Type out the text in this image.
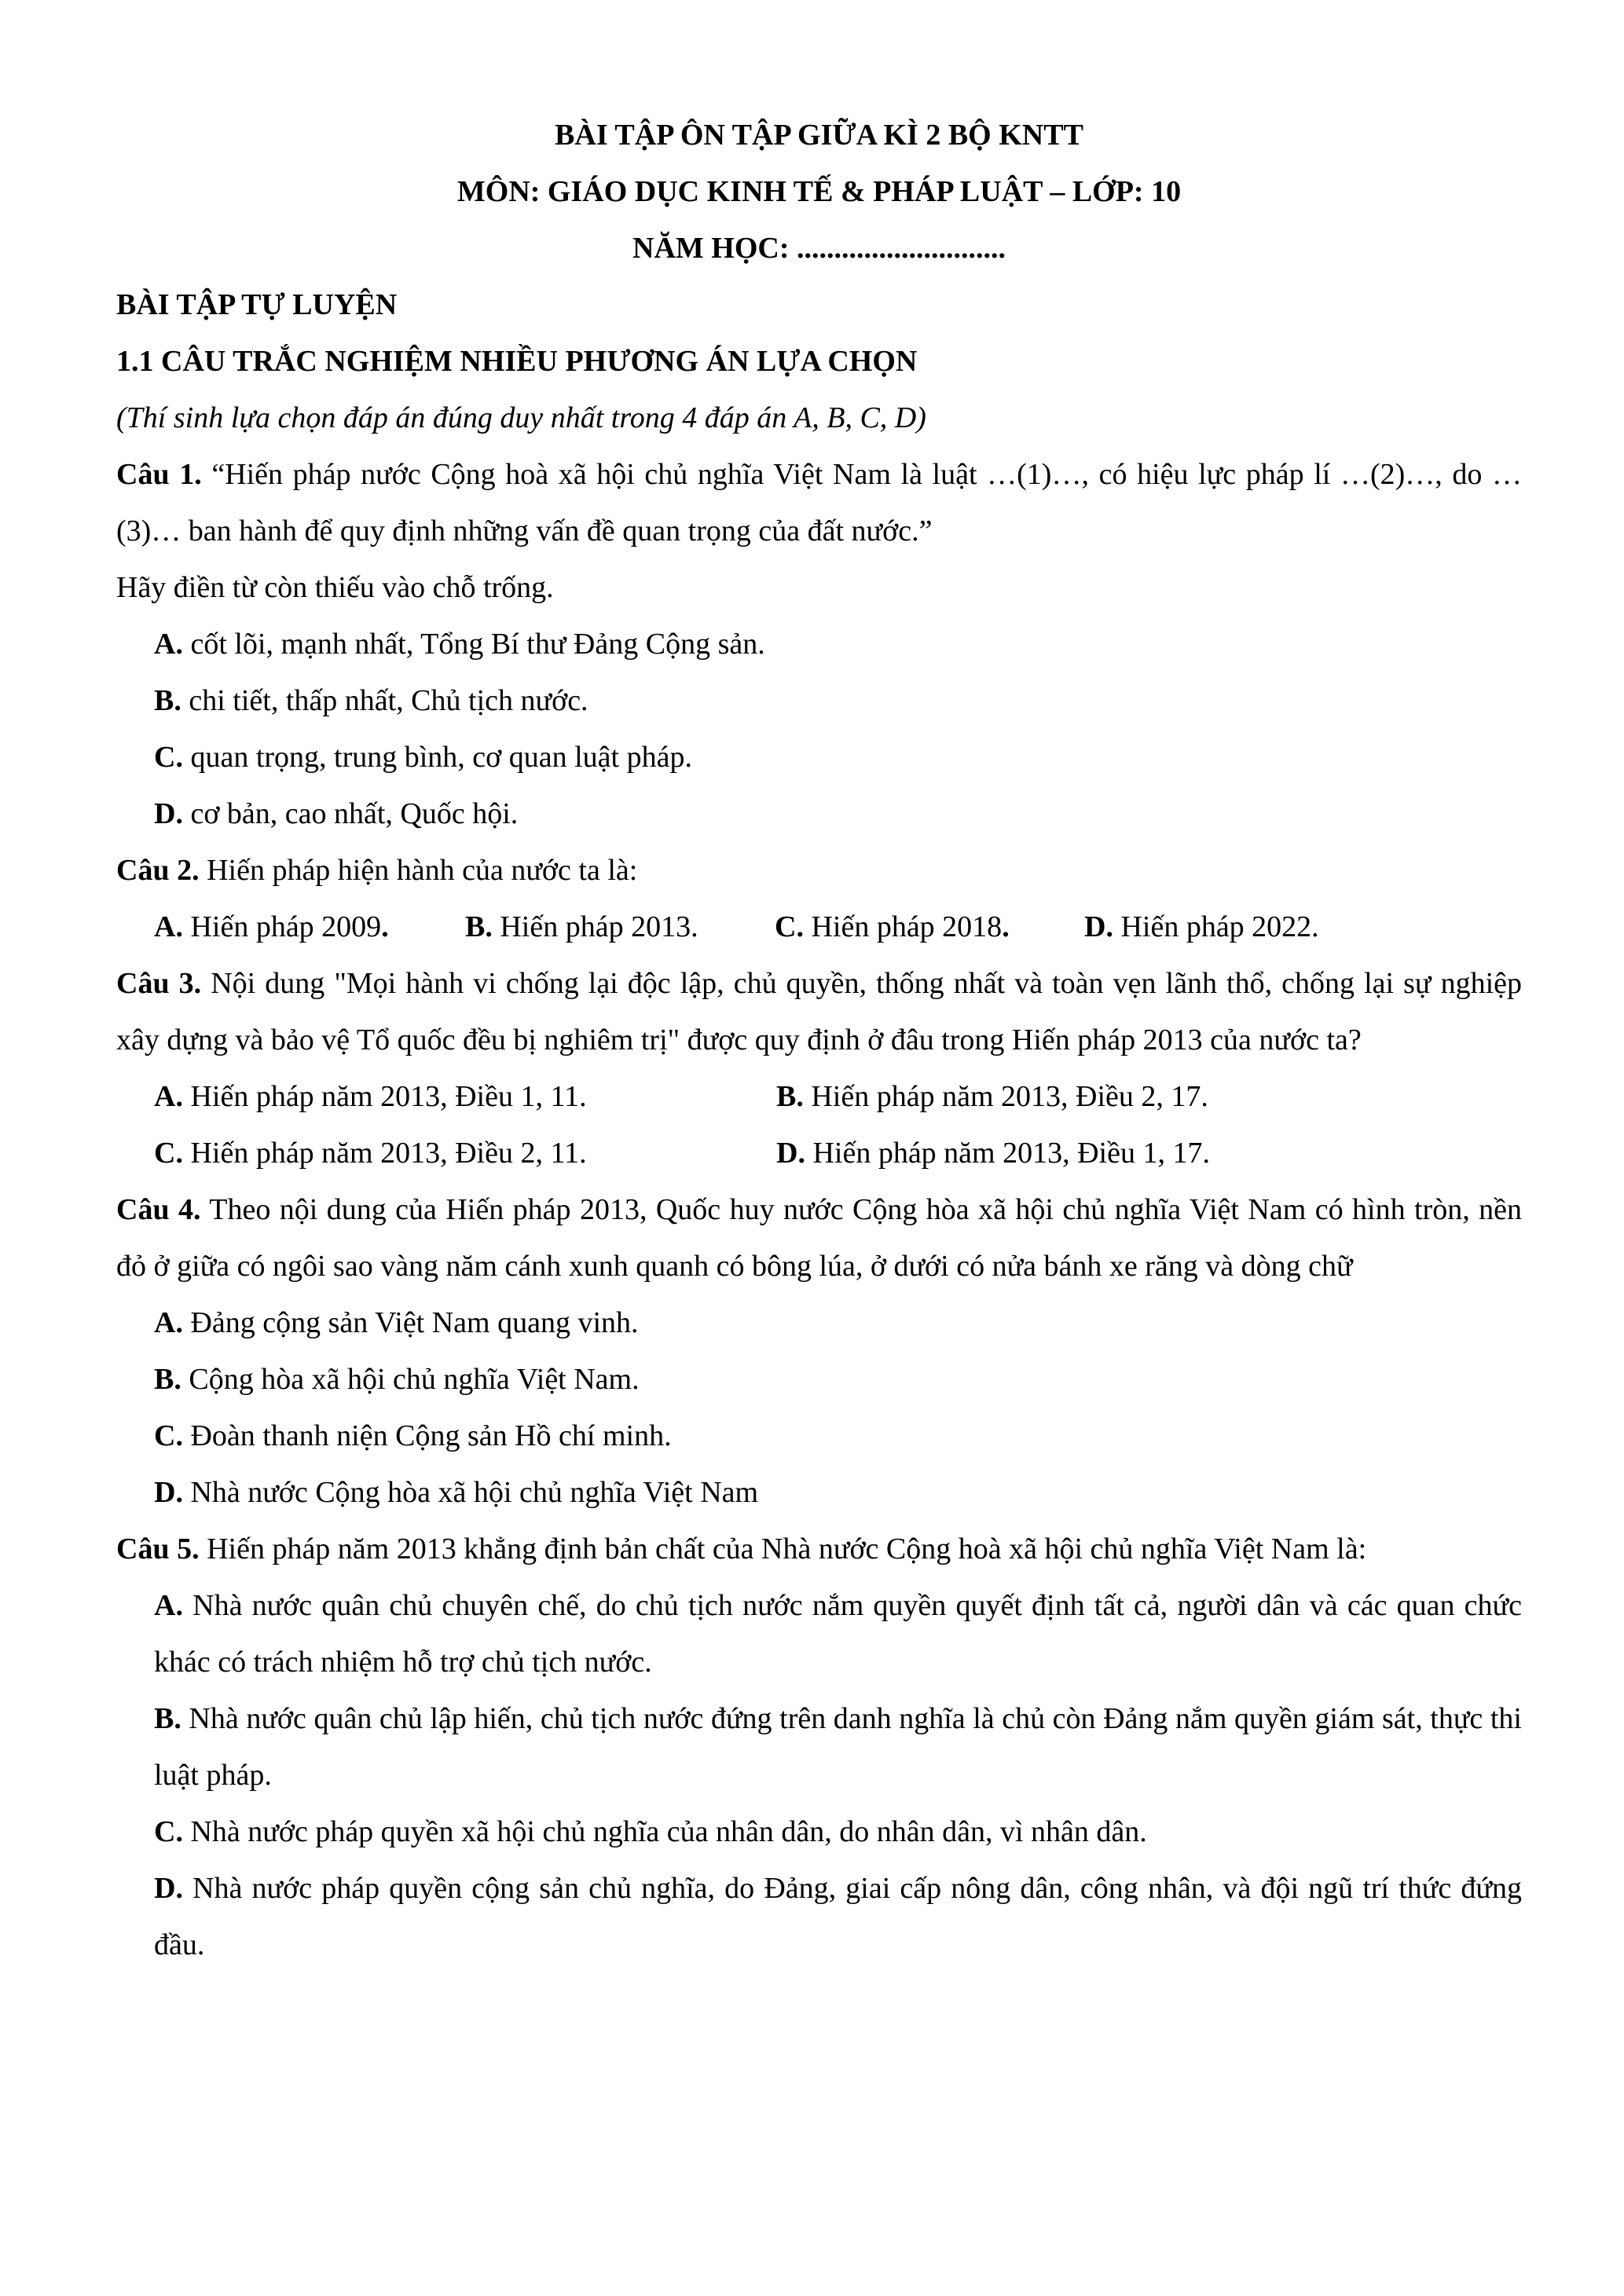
BÀI TẬP ÔN TẬP GIỮA KÌ 2 BỘ KNTT
MÔN: GIÁO DỤC KINH TẾ & PHÁP LUẬT – LỚP: 10
NĂM HỌC: ............................
BÀI TẬP TỰ LUYỆN
1.1 CÂU TRẮC NGHIỆM NHIỀU PHƯƠNG ÁN LỰA CHỌN
(Thí sinh lựa chọn đáp án đúng duy nhất trong 4 đáp án A, B, C, D)
Câu 1. “Hiến pháp nước Cộng hoà xã hội chủ nghĩa Việt Nam là luật …(1)…, có hiệu lực pháp lí …(2)…, do …(3)… ban hành để quy định những vấn đề quan trọng của đất nước.”
Hãy điền từ còn thiếu vào chỗ trống.
A. cốt lõi, mạnh nhất, Tổng Bí thư Đảng Cộng sản.
B. chi tiết, thấp nhất, Chủ tịch nước.
C. quan trọng, trung bình, cơ quan luật pháp.
D. cơ bản, cao nhất, Quốc hội.
Câu 2. Hiến pháp hiện hành của nước ta là:
A. Hiến pháp 2009.	B. Hiến pháp 2013.	C. Hiến pháp 2018.	D. Hiến pháp 2022.
Câu 3. Nội dung "Mọi hành vi chống lại độc lập, chủ quyền, thống nhất và toàn vẹn lãnh thổ, chống lại sự nghiệp xây dựng và bảo vệ Tổ quốc đều bị nghiêm trị" được quy định ở đâu trong Hiến pháp 2013 của nước ta?
A. Hiến pháp năm 2013, Điều 1, 11.	B. Hiến pháp năm 2013, Điều 2, 17.
C. Hiến pháp năm 2013, Điều 2, 11.	D. Hiến pháp năm 2013, Điều 1, 17.
Câu 4. Theo nội dung của Hiến pháp 2013, Quốc huy nước Cộng hòa xã hội chủ nghĩa Việt Nam có hình tròn, nền đỏ ở giữa có ngôi sao vàng năm cánh xunh quanh có bông lúa, ở dưới có nửa bánh xe răng và dòng chữ
A. Đảng cộng sản Việt Nam quang vinh.
B. Cộng hòa xã hội chủ nghĩa Việt Nam.
C. Đoàn thanh niện Cộng sản Hồ chí minh.
D. Nhà nước Cộng hòa xã hội chủ nghĩa Việt Nam
Câu 5. Hiến pháp năm 2013 khẳng định bản chất của Nhà nước Cộng hoà xã hội chủ nghĩa Việt Nam là:
A. Nhà nước quân chủ chuyên chế, do chủ tịch nước nắm quyền quyết định tất cả, người dân và các quan chức khác có trách nhiệm hỗ trợ chủ tịch nước.
B. Nhà nước quân chủ lập hiến, chủ tịch nước đứng trên danh nghĩa là chủ còn Đảng nắm quyền giám sát, thực thi luật pháp.
C. Nhà nước pháp quyền xã hội chủ nghĩa của nhân dân, do nhân dân, vì nhân dân.
D. Nhà nước pháp quyền cộng sản chủ nghĩa, do Đảng, giai cấp nông dân, công nhân, và đội ngũ trí thức đứng đầu.
